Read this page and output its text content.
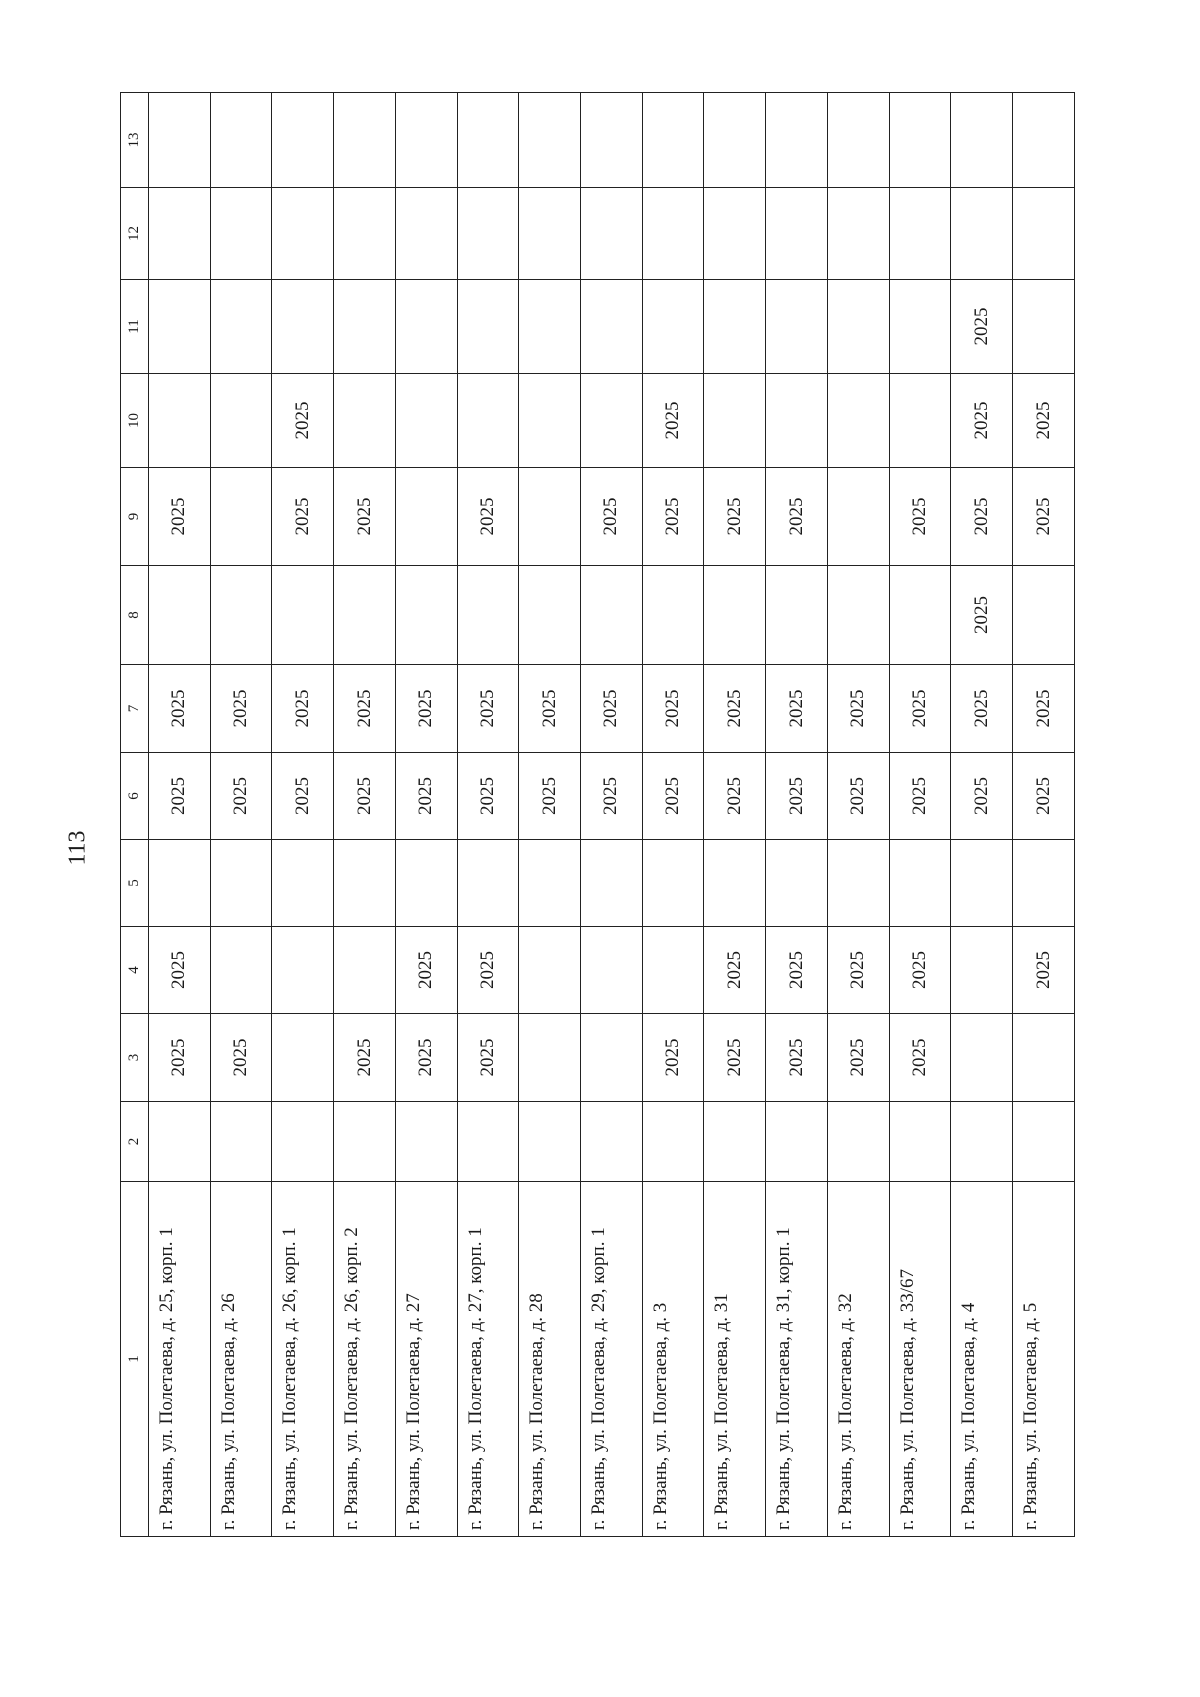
113
1	2	3	4	5	6	7	8	9	10	11	12	13
г. Рязань, ул. Полетаева, д. 25, корп. 1		2025	2025		2025	2025		2025				
г. Рязань, ул. Полетаева, д. 26		2025			2025	2025						
г. Рязань, ул. Полетаева, д. 26, корп. 1					2025	2025		2025	2025			
г. Рязань, ул. Полетаева, д. 26, корп. 2		2025			2025	2025		2025				
г. Рязань, ул. Полетаева, д. 27		2025	2025		2025	2025						
г. Рязань, ул. Полетаева, д. 27, корп. 1		2025	2025		2025	2025		2025				
г. Рязань, ул. Полетаева, д. 28					2025	2025						
г. Рязань, ул. Полетаева, д. 29, корп. 1					2025	2025		2025				
г. Рязань, ул. Полетаева, д. 3		2025			2025	2025		2025	2025			
г. Рязань, ул. Полетаева, д. 31		2025	2025		2025	2025		2025				
г. Рязань, ул. Полетаева, д. 31, корп. 1		2025	2025		2025	2025		2025				
г. Рязань, ул. Полетаева, д. 32		2025	2025		2025	2025						
г. Рязань, ул. Полетаева, д. 33/67		2025	2025		2025	2025		2025				
г. Рязань, ул. Полетаева, д. 4					2025	2025	2025	2025	2025	2025		
г. Рязань, ул. Полетаева, д. 5			2025		2025	2025		2025	2025			
